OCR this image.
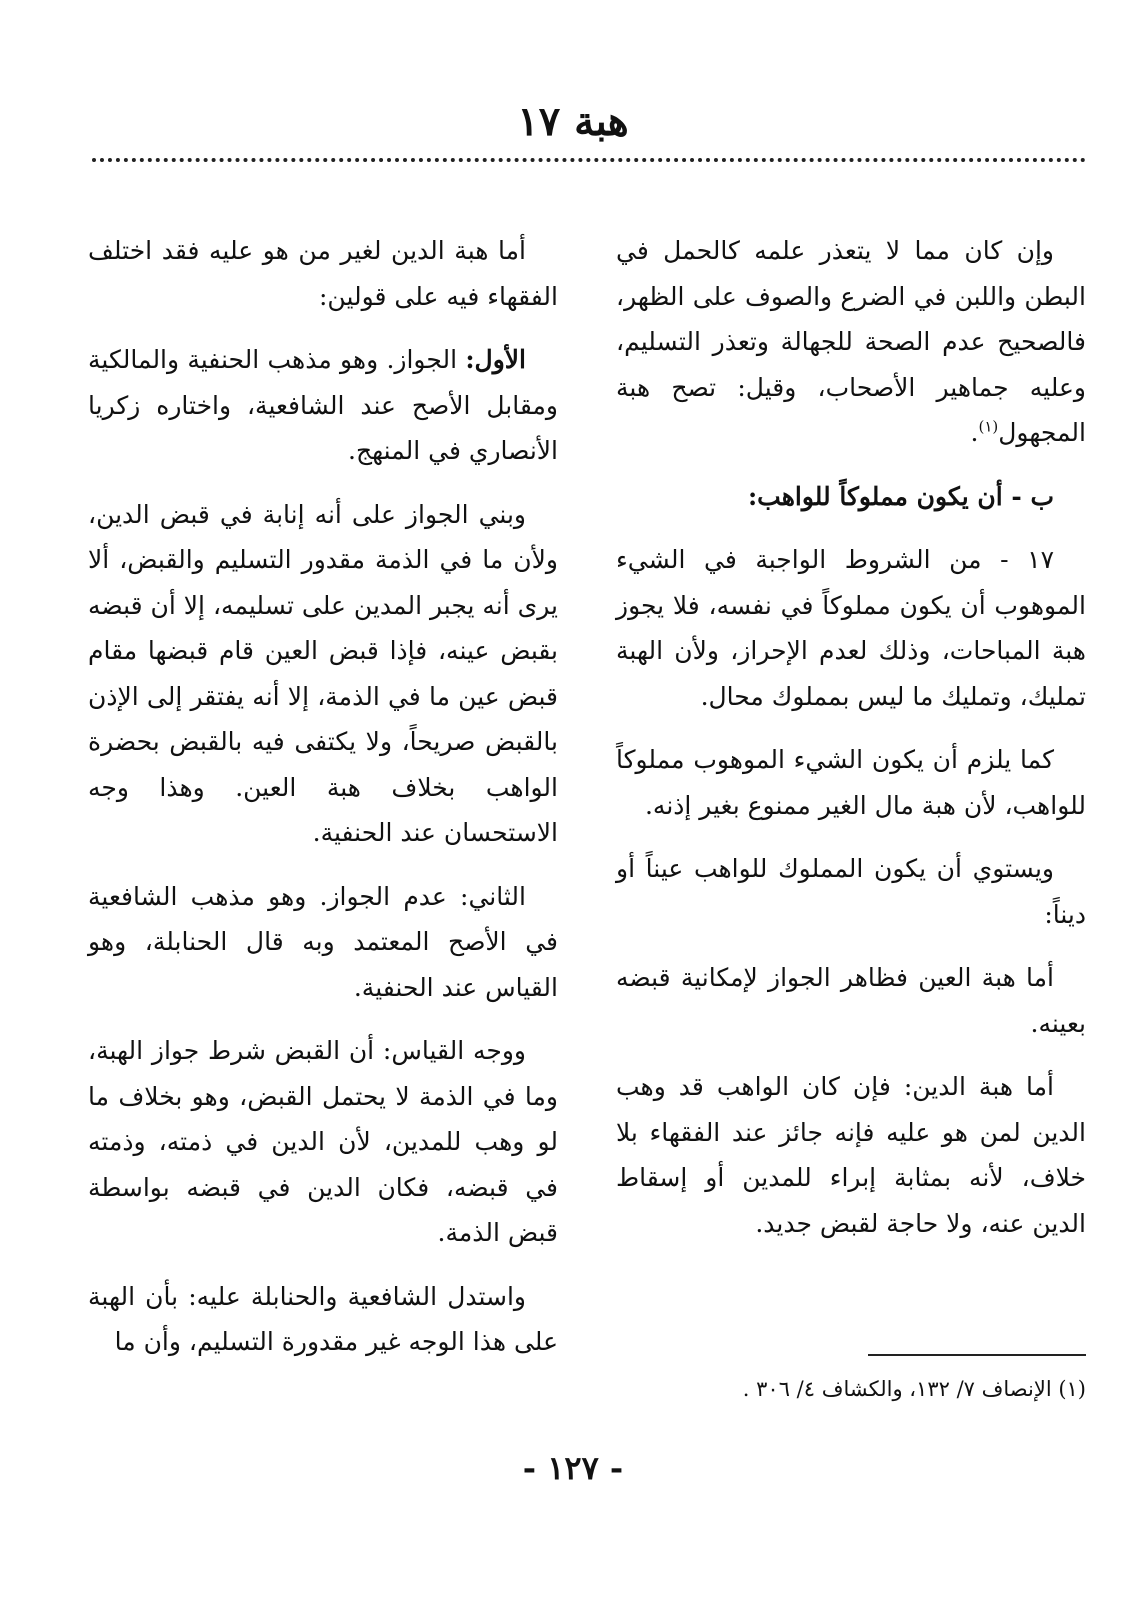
هبة ١٧

وإن كان مما لا يتعذر علمه كالحمل في البطن واللبن في الضرع والصوف على الظهر، فالصحيح عدم الصحة للجهالة وتعذر التسليم، وعليه جماهير الأصحاب، وقيل: تصح هبة المجهول$^{(١)}$.

ب - أن يكون مملوكاً للواهب:

١٧ - من الشروط الواجبة في الشيء الموهوب أن يكون مملوكاً في نفسه، فلا يجوز هبة المباحات، وذلك لعدم الإحراز، ولأن الهبة تمليك، وتمليك ما ليس بمملوك محال.

كما يلزم أن يكون الشيء الموهوب مملوكاً للواهب، لأن هبة مال الغير ممنوع بغير إذنه.

ويستوي أن يكون المملوك للواهب عيناً أو ديناً:

أما هبة العين فظاهر الجواز لإمكانية قبضه بعينه.

أما هبة الدين: فإن كان الواهب قد وهب الدين لمن هو عليه فإنه جائز عند الفقهاء بلا خلاف، لأنه بمثابة إبراء للمدين أو إسقاط الدين عنه، ولا حاجة لقبض جديد.

(١) الإنصاف ٧/ ١٣٢، والكشاف ٤/ ٣٠٦ .

أما هبة الدين لغير من هو عليه فقد اختلف الفقهاء فيه على قولين:

الأول: الجواز. وهو مذهب الحنفية والمالكية ومقابل الأصح عند الشافعية، واختاره زكريا الأنصاري في المنهج.

وبني الجواز على أنه إنابة في قبض الدين، ولأن ما في الذمة مقدور التسليم والقبض، ألا يرى أنه يجبر المدين على تسليمه، إلا أن قبضه بقبض عينه، فإذا قبض العين قام قبضها مقام قبض عين ما في الذمة، إلا أنه يفتقر إلى الإذن بالقبض صريحاً، ولا يكتفى فيه بالقبض بحضرة الواهب بخلاف هبة العين. وهذا وجه الاستحسان عند الحنفية.

الثاني: عدم الجواز. وهو مذهب الشافعية في الأصح المعتمد وبه قال الحنابلة، وهو القياس عند الحنفية.

ووجه القياس: أن القبض شرط جواز الهبة، وما في الذمة لا يحتمل القبض، وهو بخلاف ما لو وهب للمدين، لأن الدين في ذمته، وذمته في قبضه، فكان الدين في قبضه بواسطة قبض الذمة.

واستدل الشافعية والحنابلة عليه: بأن الهبة على هذا الوجه غير مقدورة التسليم، وأن ما

- ١٢٧ -
